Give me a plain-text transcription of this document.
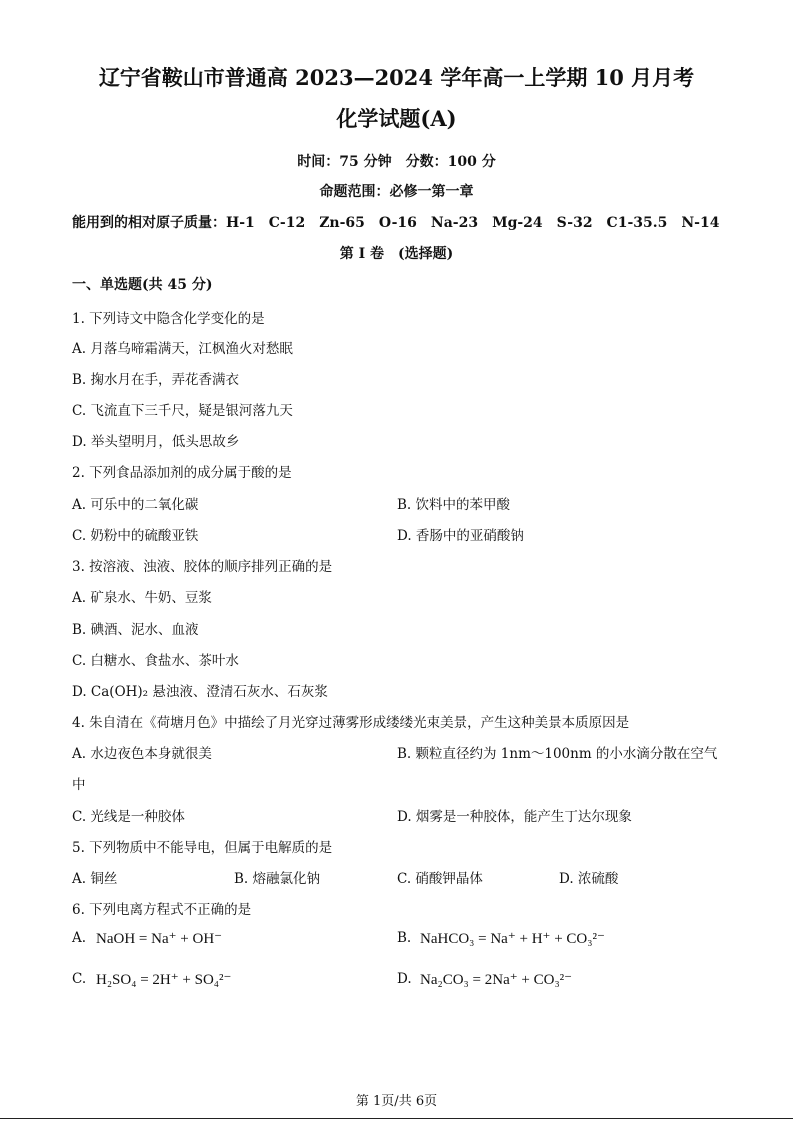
辽宁省鞍山市普通高 2023—2024 学年高一上学期 10 月月考
化学试题(A)
时间：75 分钟　分数：100 分
命题范围：必修一第一章
能用到的相对原子质量：H-1　C-12　Zn-65　O-16　Na-23　Mg-24　S-32　C1-35.5　N-14
第 I 卷　(选择题)
一、单选题(共 45 分)
1. 下列诗文中隐含化学变化的是
A. 月落乌啼霜满天，江枫渔火对愁眠
B. 掬水月在手，弄花香满衣
C. 飞流直下三千尺，疑是银河落九天
D. 举头望明月，低头思故乡
2. 下列食品添加剂的成分属于酸的是
A. 可乐中的二氧化碳	B. 饮料中的苯甲酸
C. 奶粉中的硫酸亚铁	D. 香肠中的亚硝酸钠
3. 按溶液、浊液、胶体的顺序排列正确的是
A. 矿泉水、牛奶、豆浆
B. 碘酒、泥水、血液
C. 白糖水、食盐水、茶叶水
D. Ca(OH)₂ 悬浊液、澄清石灰水、石灰浆
4. 朱自清在《荷塘月色》中描绘了月光穿过薄雾形成缕缕光束美景，产生这种美景本质原因是
A. 水边夜色本身就很美	B. 颗粒直径约为 1nm～100nm 的小水滴分散在空气
中
C. 光线是一种胶体	D. 烟雾是一种胶体，能产生丁达尔现象
5. 下列物质中不能导电，但属于电解质的是
A. 铜丝	B. 熔融氯化钠	C. 硝酸钾晶体	D. 浓硫酸
6. 下列电离方程式不正确的是
A. NaOH = Na⁺ + OH⁻	B. NaHCO₃ = Na⁺ + H⁺ + CO₃²⁻
C. H₂SO₄ = 2H⁺ + SO₄²⁻	D. Na₂CO₃ = 2Na⁺ + CO₃²⁻
第 1页/共 6页
